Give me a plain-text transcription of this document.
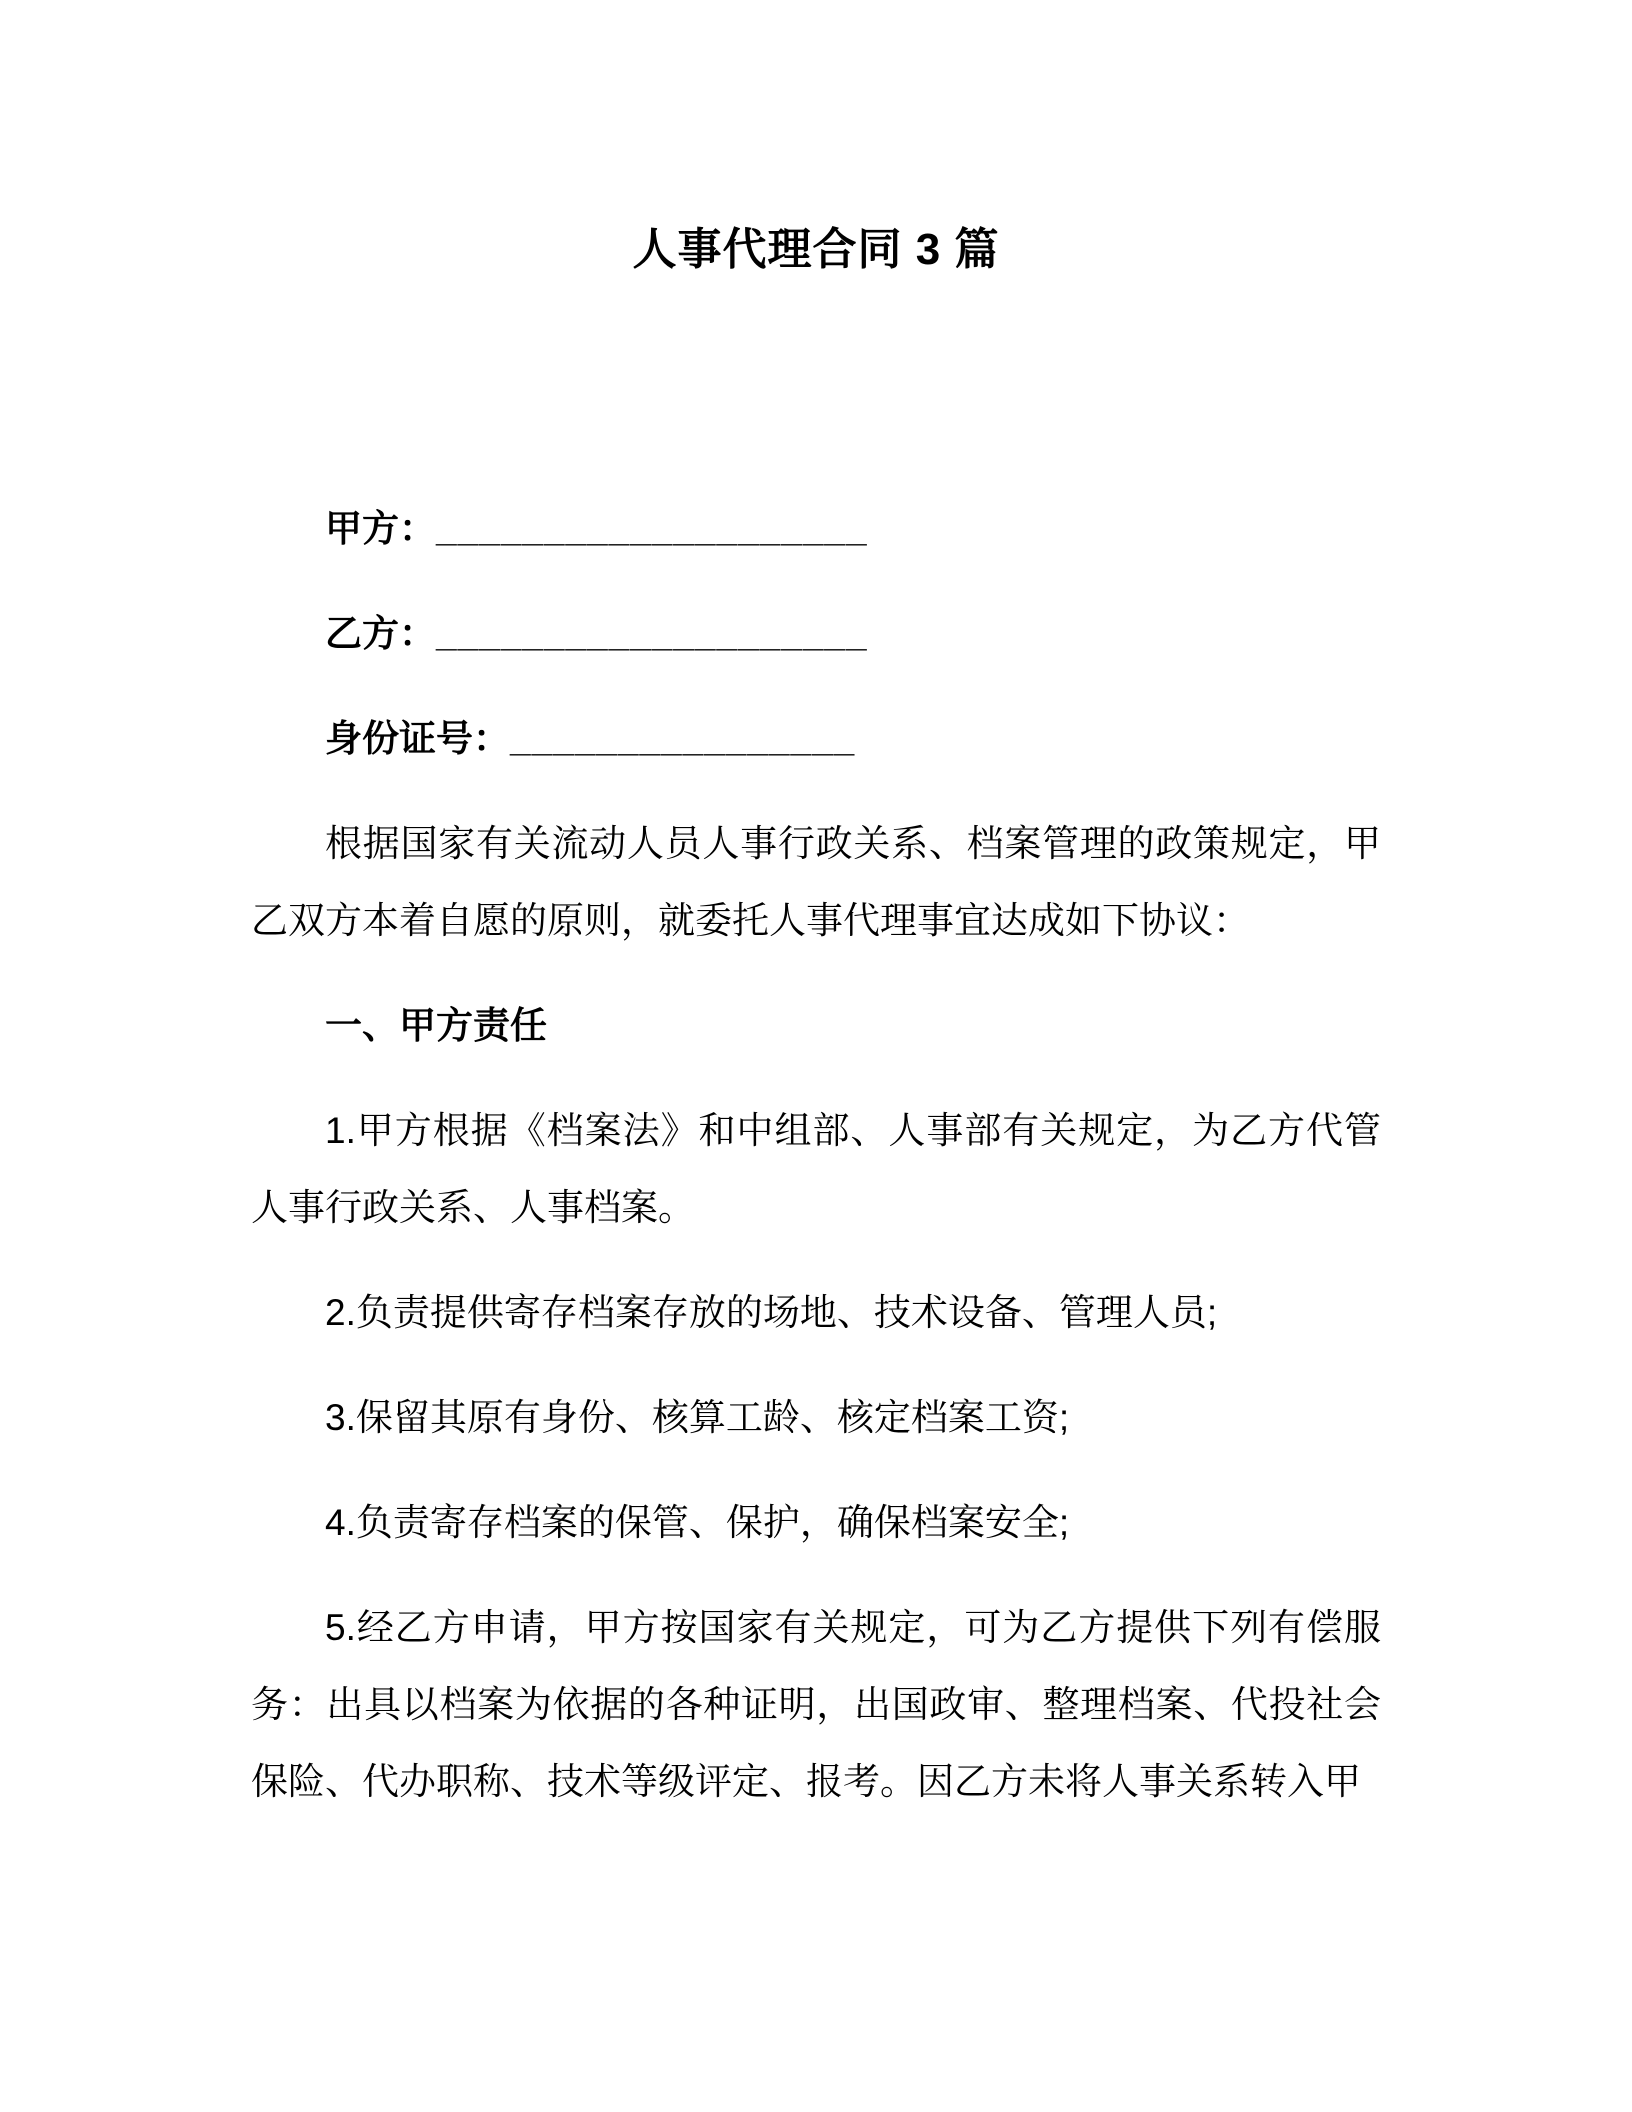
人事代理合同 3 篇

甲方：____________________

乙方：____________________

身份证号：________________

根据国家有关流动人员人事行政关系、档案管理的政策规定，甲乙双方本着自愿的原则，就委托人事代理事宜达成如下协议：

一、甲方责任

1.甲方根据《档案法》和中组部、人事部有关规定，为乙方代管人事行政关系、人事档案。

2.负责提供寄存档案存放的场地、技术设备、管理人员;

3.保留其原有身份、核算工龄、核定档案工资;

4.负责寄存档案的保管、保护，确保档案安全;

5.经乙方申请，甲方按国家有关规定，可为乙方提供下列有偿服务：出具以档案为依据的各种证明，出国政审、整理档案、代投社会保险、代办职称、技术等级评定、报考。因乙方未将人事关系转入甲
